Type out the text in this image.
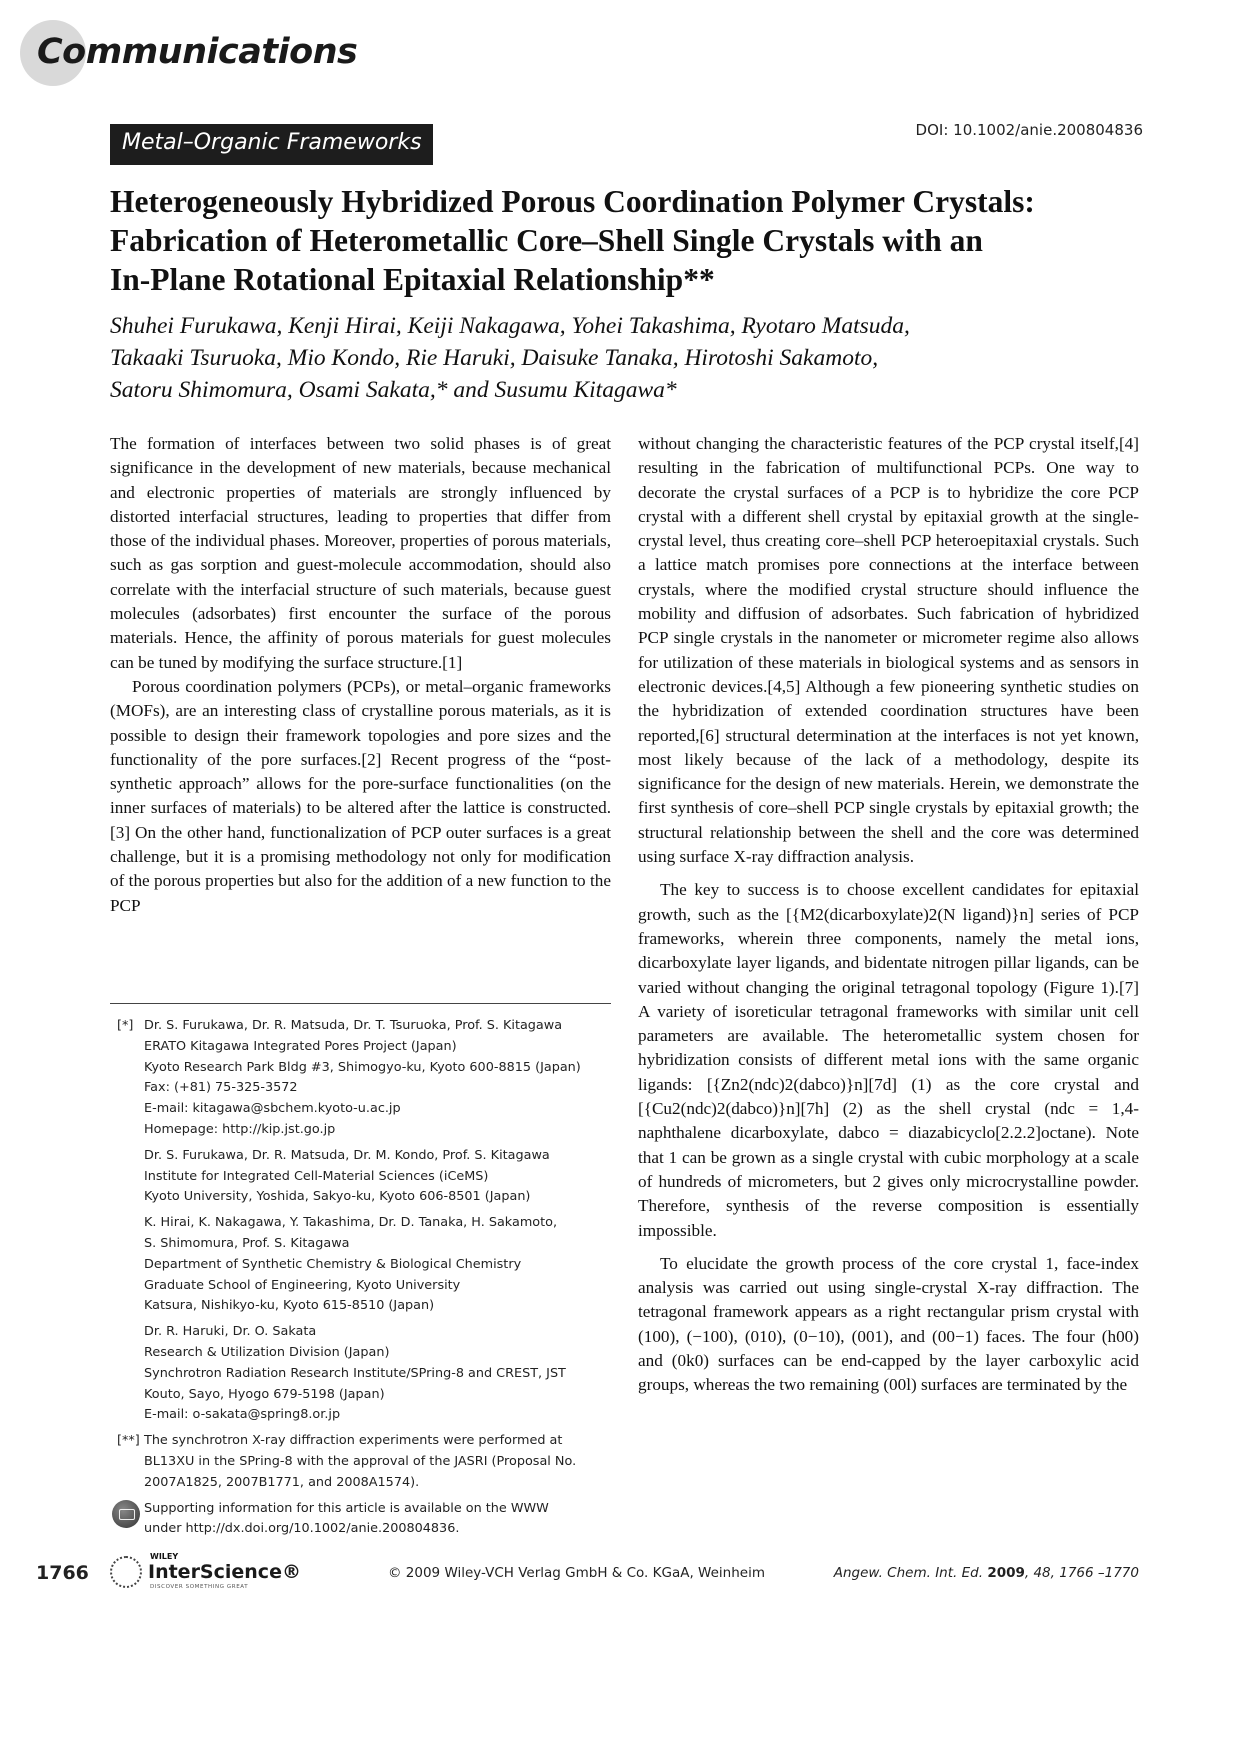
Communications
Metal–Organic Frameworks	DOI: 10.1002/anie.200804836
Heterogeneously Hybridized Porous Coordination Polymer Crystals:
Fabrication of Heterometallic Core–Shell Single Crystals with an
In-Plane Rotational Epitaxial Relationship**
Shuhei Furukawa, Kenji Hirai, Keiji Nakagawa, Yohei Takashima, Ryotaro Matsuda,
Takaaki Tsuruoka, Mio Kondo, Rie Haruki, Daisuke Tanaka, Hirotoshi Sakamoto,
Satoru Shimomura, Osami Sakata,* and Susumu Kitagawa*

The formation of interfaces between two solid phases is of great significance in the development of new materials, because mechanical and electronic properties of materials are strongly influenced by distorted interfacial structures, leading to properties that differ from those of the individual phases. Moreover, properties of porous materials, such as gas sorption and guest-molecule accommodation, should also correlate with the interfacial structure of such materials, because guest molecules (adsorbates) first encounter the surface of the porous materials. Hence, the affinity of porous materials for guest molecules can be tuned by modifying the surface structure.[1]

Porous coordination polymers (PCPs), or metal–organic frameworks (MOFs), are an interesting class of crystalline porous materials, as it is possible to design their framework topologies and pore sizes and the functionality of the pore surfaces.[2] Recent progress of the “post-synthetic approach” allows for the pore-surface functionalities (on the inner surfaces of materials) to be altered after the lattice is constructed.[3] On the other hand, functionalization of PCP outer surfaces is a great challenge, but it is a promising methodology not only for modification of the porous properties but also for the addition of a new function to the PCP

without changing the characteristic features of the PCP crystal itself,[4] resulting in the fabrication of multifunctional PCPs. One way to decorate the crystal surfaces of a PCP is to hybridize the core PCP crystal with a different shell crystal by epitaxial growth at the single-crystal level, thus creating core–shell PCP heteroepitaxial crystals. Such a lattice match promises pore connections at the interface between crystals, where the modified crystal structure should influence the mobility and diffusion of adsorbates. Such fabrication of hybridized PCP single crystals in the nanometer or micrometer regime also allows for utilization of these materials in biological systems and as sensors in electronic devices.[4,5] Although a few pioneering synthetic studies on the hybridization of extended coordination structures have been reported,[6] structural determination at the interfaces is not yet known, most likely because of the lack of a methodology, despite its significance for the design of new materials. Herein, we demonstrate the first synthesis of core–shell PCP single crystals by epitaxial growth; the structural relationship between the shell and the core was determined using surface X-ray diffraction analysis.

The key to success is to choose excellent candidates for epitaxial growth, such as the [{M2(dicarboxylate)2(N ligand)}n] series of PCP frameworks, wherein three components, namely the metal ions, dicarboxylate layer ligands, and bidentate nitrogen pillar ligands, can be varied without changing the original tetragonal topology (Figure 1).[7] A variety of isoreticular tetragonal frameworks with similar unit cell parameters are available. The heterometallic system chosen for hybridization consists of different metal ions with the same organic ligands: [{Zn2(ndc)2(dabco)}n][7d] (1) as the core crystal and [{Cu2(ndc)2(dabco)}n][7h] (2) as the shell crystal (ndc = 1,4-naphthalene dicarboxylate, dabco = diazabicyclo[2.2.2]octane). Note that 1 can be grown as a single crystal with cubic morphology at a scale of hundreds of micrometers, but 2 gives only microcrystalline powder. Therefore, synthesis of the reverse composition is essentially impossible.

To elucidate the growth process of the core crystal 1, face-index analysis was carried out using single-crystal X-ray diffraction. The tetragonal framework appears as a right rectangular prism crystal with (100), (−100), (010), (0−10), (001), and (00−1) faces. The four (h00) and (0k0) surfaces can be end-capped by the layer carboxylic acid groups, whereas the two remaining (00l) surfaces are terminated by the

[*] Dr. S. Furukawa, Dr. R. Matsuda, Dr. T. Tsuruoka, Prof. S. Kitagawa
ERATO Kitagawa Integrated Pores Project (Japan)
Kyoto Research Park Bldg #3, Shimogyo-ku, Kyoto 600-8815 (Japan)
Fax: (+81) 75-325-3572
E-mail: kitagawa@sbchem.kyoto-u.ac.jp
Homepage: http://kip.jst.go.jp
Dr. S. Furukawa, Dr. R. Matsuda, Dr. M. Kondo, Prof. S. Kitagawa
Institute for Integrated Cell-Material Sciences (iCeMS)
Kyoto University, Yoshida, Sakyo-ku, Kyoto 606-8501 (Japan)
K. Hirai, K. Nakagawa, Y. Takashima, Dr. D. Tanaka, H. Sakamoto,
S. Shimomura, Prof. S. Kitagawa
Department of Synthetic Chemistry & Biological Chemistry
Graduate School of Engineering, Kyoto University
Katsura, Nishikyo-ku, Kyoto 615-8510 (Japan)
Dr. R. Haruki, Dr. O. Sakata
Research & Utilization Division (Japan)
Synchrotron Radiation Research Institute/SPring-8 and CREST, JST
Kouto, Sayo, Hyogo 679-5198 (Japan)
E-mail: o-sakata@spring8.or.jp
[**] The synchrotron X-ray diffraction experiments were performed at
BL13XU in the SPring-8 with the approval of the JASRI (Proposal No.
2007A1825, 2007B1771, and 2008A1574).
Supporting information for this article is available on the WWW
under http://dx.doi.org/10.1002/anie.200804836.
1766
WILEY
InterScience®
DISCOVER SOMETHING GREAT
© 2009 Wiley-VCH Verlag GmbH & Co. KGaA, Weinheim	Angew. Chem. Int. Ed. 2009, 48, 1766 –1770
